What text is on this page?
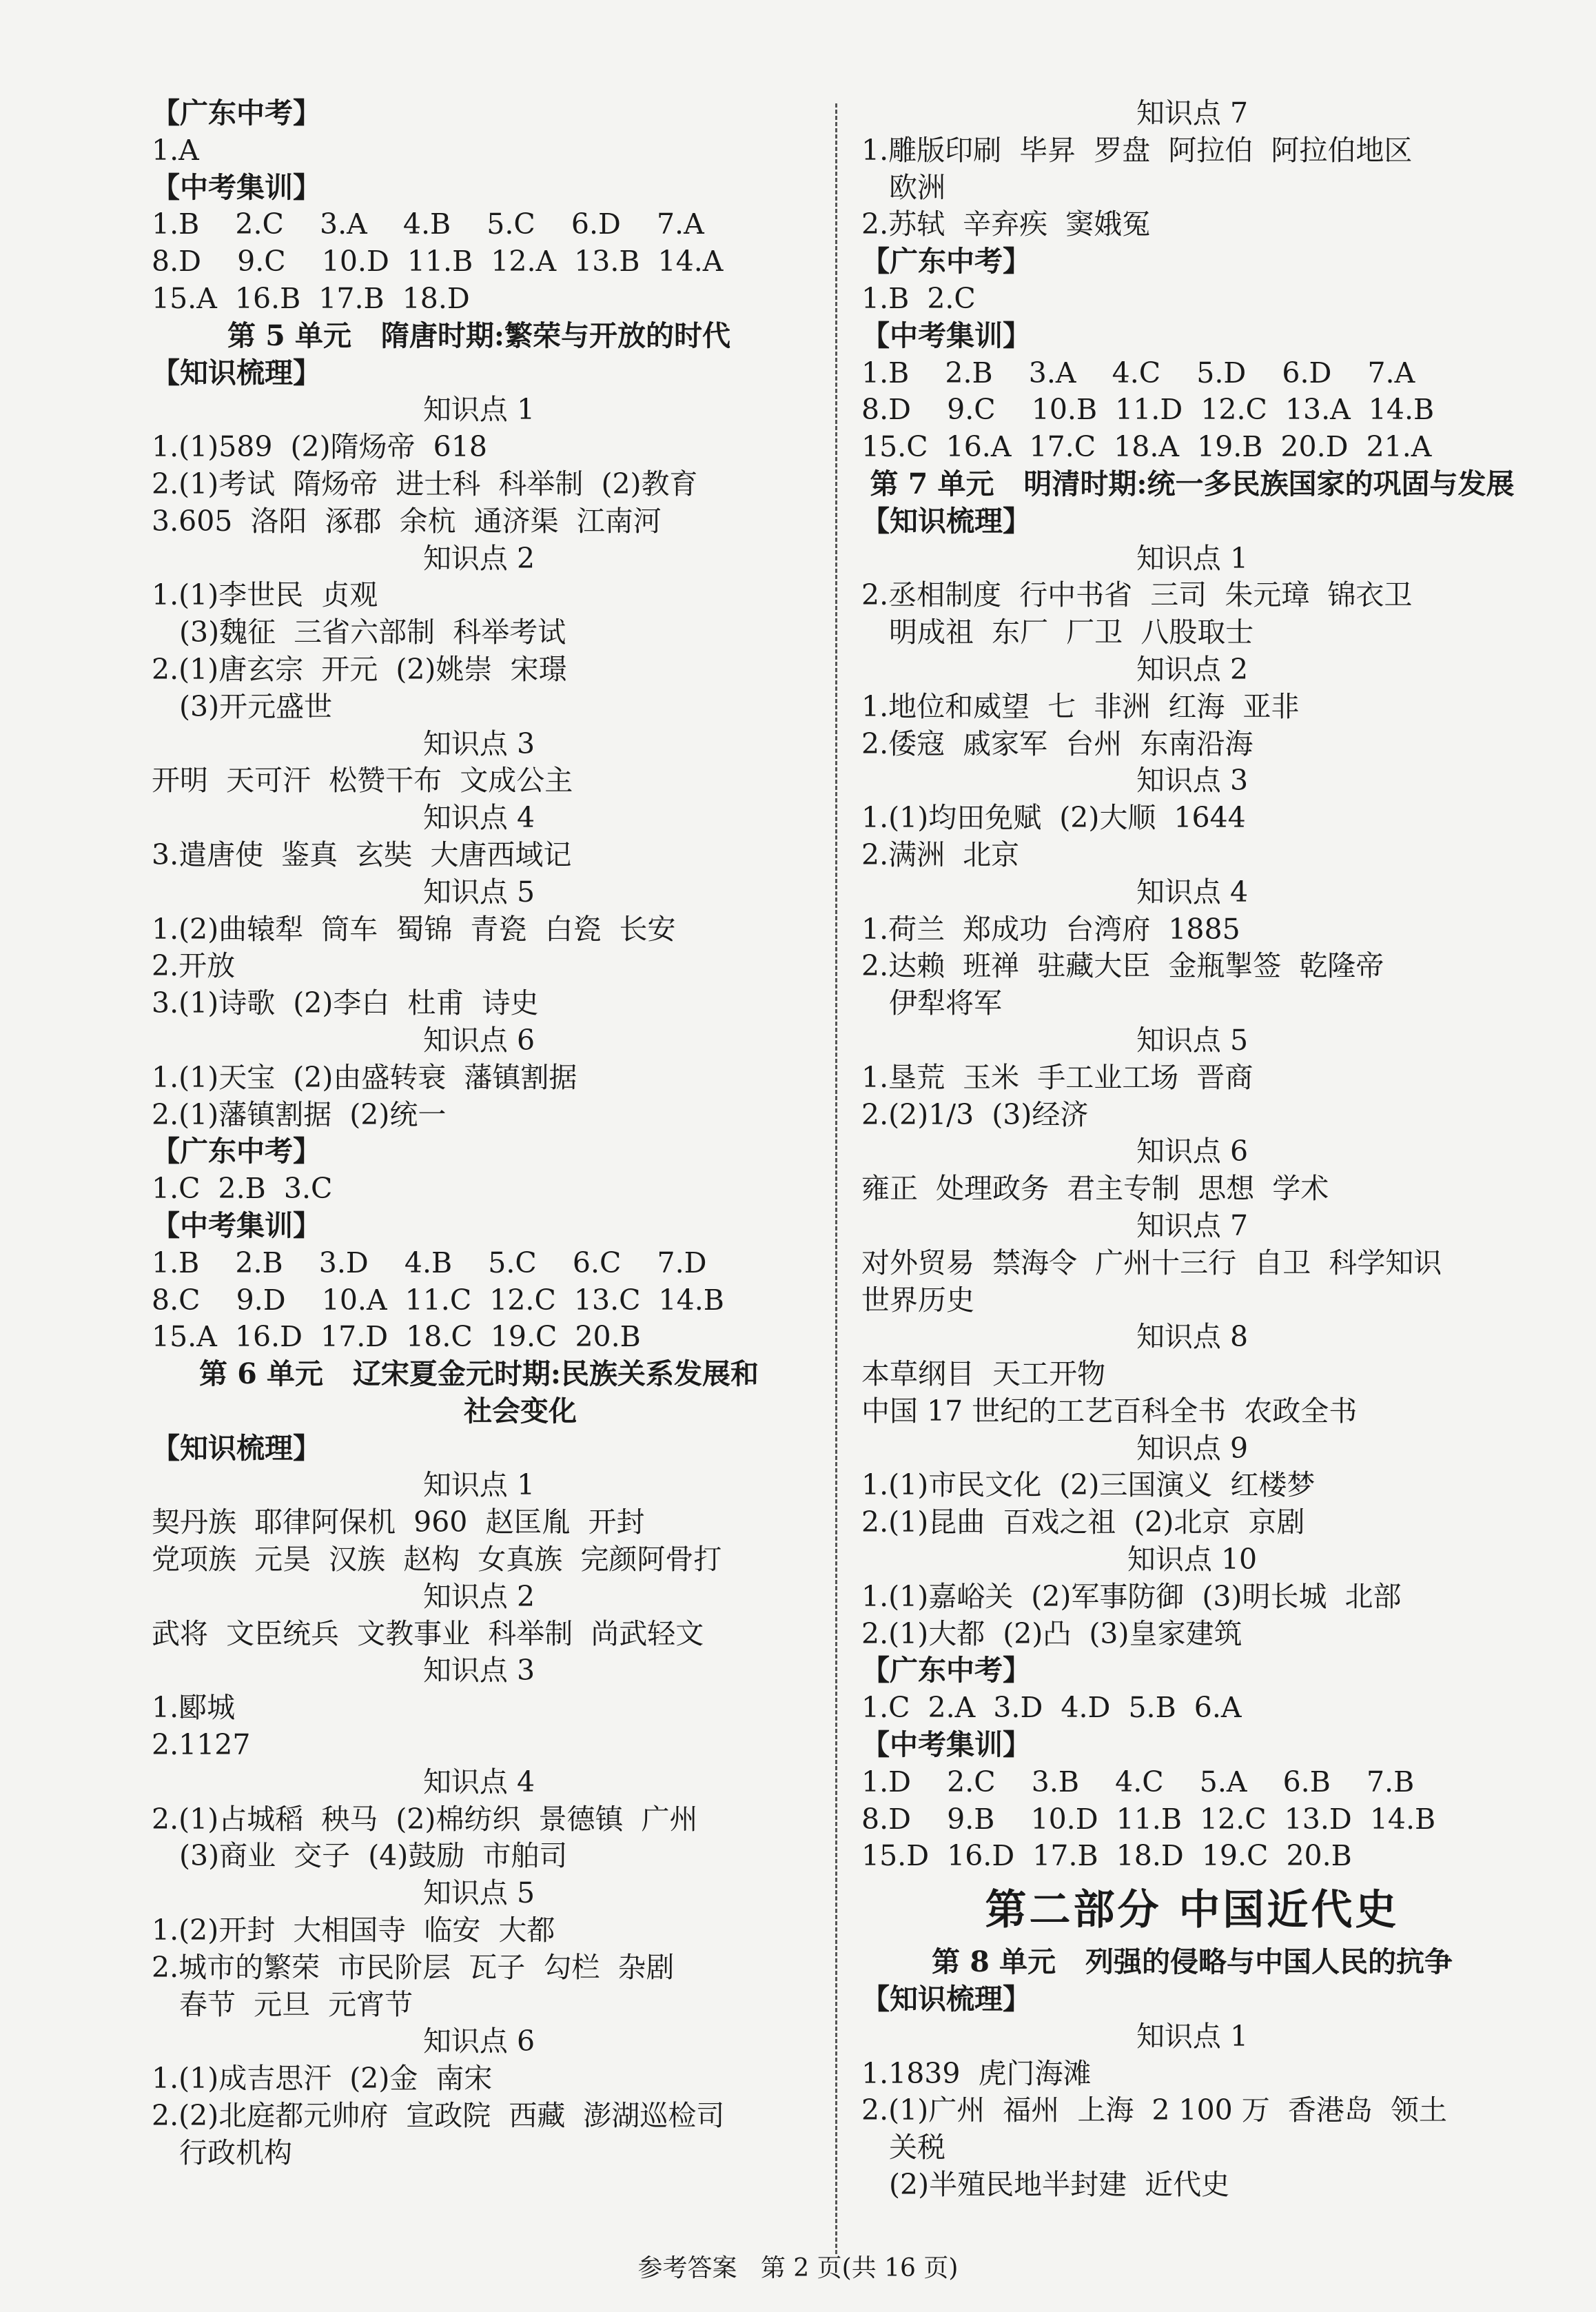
【广东中考】
1.A
【中考集训】
1.B    2.C    3.A    4.B    5.C    6.D    7.A
8.D    9.C    10.D  11.B  12.A  13.B  14.A
15.A  16.B  17.B  18.D
第 5 单元   隋唐时期:繁荣与开放的时代
【知识梳理】
知识点 1
1.(1)589  (2)隋炀帝  618
2.(1)考试  隋炀帝  进士科  科举制  (2)教育
3.605  洛阳  涿郡  余杭  通济渠  江南河
知识点 2
1.(1)李世民  贞观
(3)魏征  三省六部制  科举考试
2.(1)唐玄宗  开元  (2)姚崇  宋璟
(3)开元盛世
知识点 3
开明  天可汗  松赞干布  文成公主
知识点 4
3.遣唐使  鉴真  玄奘  大唐西域记
知识点 5
1.(2)曲辕犁  筒车  蜀锦  青瓷  白瓷  长安
2.开放
3.(1)诗歌  (2)李白  杜甫  诗史
知识点 6
1.(1)天宝  (2)由盛转衰  藩镇割据
2.(1)藩镇割据  (2)统一
【广东中考】
1.C  2.B  3.C
【中考集训】
1.B    2.B    3.D    4.B    5.C    6.C    7.D
8.C    9.D    10.A  11.C  12.C  13.C  14.B
15.A  16.D  17.D  18.C  19.C  20.B
第 6 单元   辽宋夏金元时期:民族关系发展和
社会变化
【知识梳理】
知识点 1
契丹族  耶律阿保机  960  赵匡胤  开封
党项族  元昊  汉族  赵构  女真族  完颜阿骨打
知识点 2
武将  文臣统兵  文教事业  科举制  尚武轻文
知识点 3
1.郾城
2.1127
知识点 4
2.(1)占城稻  秧马  (2)棉纺织  景德镇  广州
(3)商业  交子  (4)鼓励  市舶司
知识点 5
1.(2)开封  大相国寺  临安  大都
2.城市的繁荣  市民阶层  瓦子  勾栏  杂剧
春节  元旦  元宵节
知识点 6
1.(1)成吉思汗  (2)金  南宋
2.(2)北庭都元帅府  宣政院  西藏  澎湖巡检司
行政机构
知识点 7
1.雕版印刷  毕昇  罗盘  阿拉伯  阿拉伯地区
欧洲
2.苏轼  辛弃疾  窦娥冤
【广东中考】
1.B  2.C
【中考集训】
1.B    2.B    3.A    4.C    5.D    6.D    7.A
8.D    9.C    10.B  11.D  12.C  13.A  14.B
15.C  16.A  17.C  18.A  19.B  20.D  21.A
第 7 单元   明清时期:统一多民族国家的巩固与发展
【知识梳理】
知识点 1
2.丞相制度  行中书省  三司  朱元璋  锦衣卫
明成祖  东厂  厂卫  八股取士
知识点 2
1.地位和威望  七  非洲  红海  亚非
2.倭寇  戚家军  台州  东南沿海
知识点 3
1.(1)均田免赋  (2)大顺  1644
2.满洲  北京
知识点 4
1.荷兰  郑成功  台湾府  1885
2.达赖  班禅  驻藏大臣  金瓶掣签  乾隆帝
伊犁将军
知识点 5
1.垦荒  玉米  手工业工场  晋商
2.(2)1/3  (3)经济
知识点 6
雍正  处理政务  君主专制  思想  学术
知识点 7
对外贸易  禁海令  广州十三行  自卫  科学知识
世界历史
知识点 8
本草纲目  天工开物
中国 17 世纪的工艺百科全书  农政全书
知识点 9
1.(1)市民文化  (2)三国演义  红楼梦
2.(1)昆曲  百戏之祖  (2)北京  京剧
知识点 10
1.(1)嘉峪关  (2)军事防御  (3)明长城  北部
2.(1)大都  (2)凸  (3)皇家建筑
【广东中考】
1.C  2.A  3.D  4.D  5.B  6.A
【中考集训】
1.D    2.C    3.B    4.C    5.A    6.B    7.B
8.D    9.B    10.D  11.B  12.C  13.D  14.B
15.D  16.D  17.B  18.D  19.C  20.B
第二部分 中国近代史
第 8 单元   列强的侵略与中国人民的抗争
【知识梳理】
知识点 1
1.1839  虎门海滩
2.(1)广州  福州  上海  2 100 万  香港岛  领土
关税
(2)半殖民地半封建  近代史
参考答案   第 2 页(共 16 页)
